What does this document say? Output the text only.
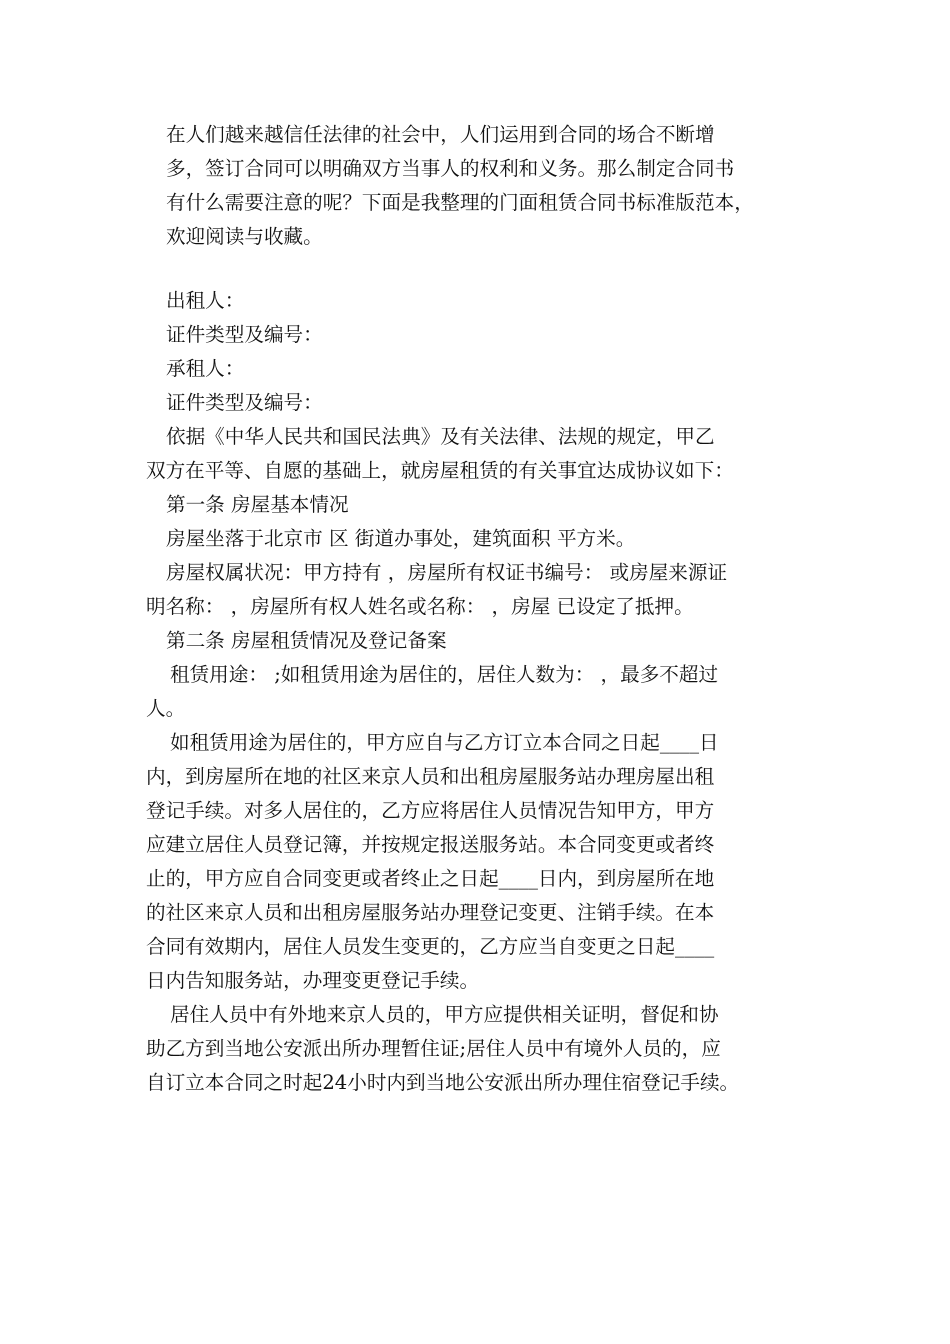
在人们越来越信任法律的社会中，人们运用到合同的场合不断增
多，签订合同可以明确双方当事人的权利和义务。那么制定合同书
有什么需要注意的呢？下面是我整理的门面租赁合同书标准版范本，
欢迎阅读与收藏。
出租人：
证件类型及编号：
承租人：
证件类型及编号：
依据《中华人民共和国民法典》及有关法律、法规的规定，甲乙
双方在平等、自愿的基础上，就房屋租赁的有关事宜达成协议如下：
第一条 房屋基本情况
房屋坐落于北京市 区 街道办事处，建筑面积 平方米。
房屋权属状况：甲方持有 ，房屋所有权证书编号： 或房屋来源证
明名称： ，房屋所有权人姓名或名称： ，房屋 已设定了抵押。
第二条 房屋租赁情况及登记备案
租赁用途： ;如租赁用途为居住的，居住人数为： ，最多不超过
人。
如租赁用途为居住的，甲方应自与乙方订立本合同之日起____日
内，到房屋所在地的社区来京人员和出租房屋服务站办理房屋出租
登记手续。对多人居住的，乙方应将居住人员情况告知甲方，甲方
应建立居住人员登记簿，并按规定报送服务站。本合同变更或者终
止的，甲方应自合同变更或者终止之日起____日内，到房屋所在地
的社区来京人员和出租房屋服务站办理登记变更、注销手续。在本
合同有效期内，居住人员发生变更的，乙方应当自变更之日起____
日内告知服务站，办理变更登记手续。
居住人员中有外地来京人员的，甲方应提供相关证明，督促和协
助乙方到当地公安派出所办理暂住证;居住人员中有境外人员的，应
自订立本合同之时起24小时内到当地公安派出所办理住宿登记手续。
